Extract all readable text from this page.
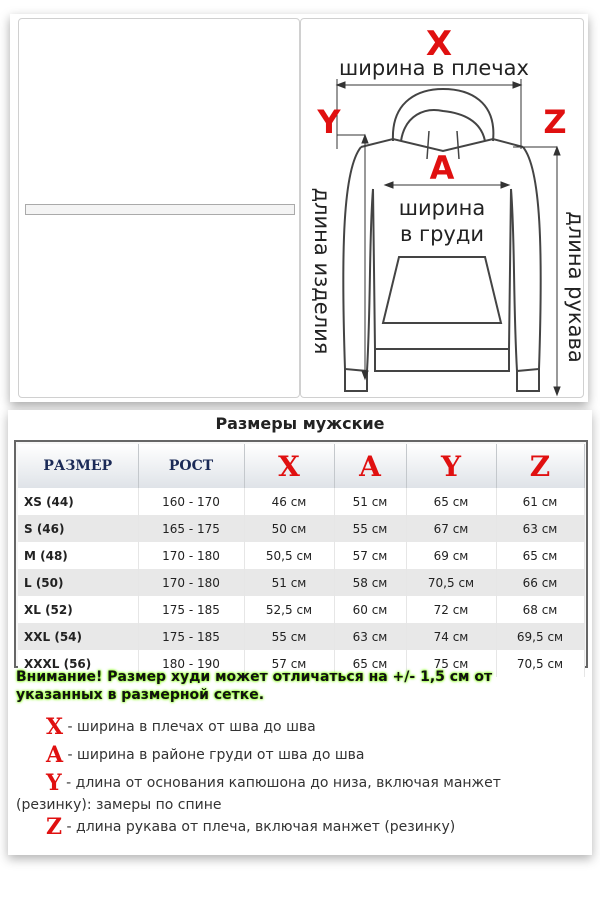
X
ширина в плечах
Y	Z
A
ширина
в груди
длина изделия	длина рукава
Размеры мужские
РАЗМЕР	РОСТ	X	A	Y	Z
XS (44)	160 - 170	46 см	51 см	65 см	61 см
S (46)	165 - 175	50 см	55 см	67 см	63 см
M (48)	170 - 180	50,5 см	57 см	69 см	65 см
L (50)	170 - 180	51 см	58 см	70,5 см	66 см
XL (52)	175 - 185	52,5 см	60 см	72 см	68 см
XXL (54)	175 - 185	55 см	63 см	74 см	69,5 см
XXXL (56)	180 - 190	57 см	65 см	75 см	70,5 см
Внимание! Размер худи может отличаться на +/- 1,5 см от
указанных в размерной сетке.
X - ширина в плечах от шва до шва
A - ширина в районе груди от шва до шва
Y - длина от основания капюшона до низа, включая манжет
(резинку): замеры по спине
Z - длина рукава от плеча, включая манжет (резинку)
